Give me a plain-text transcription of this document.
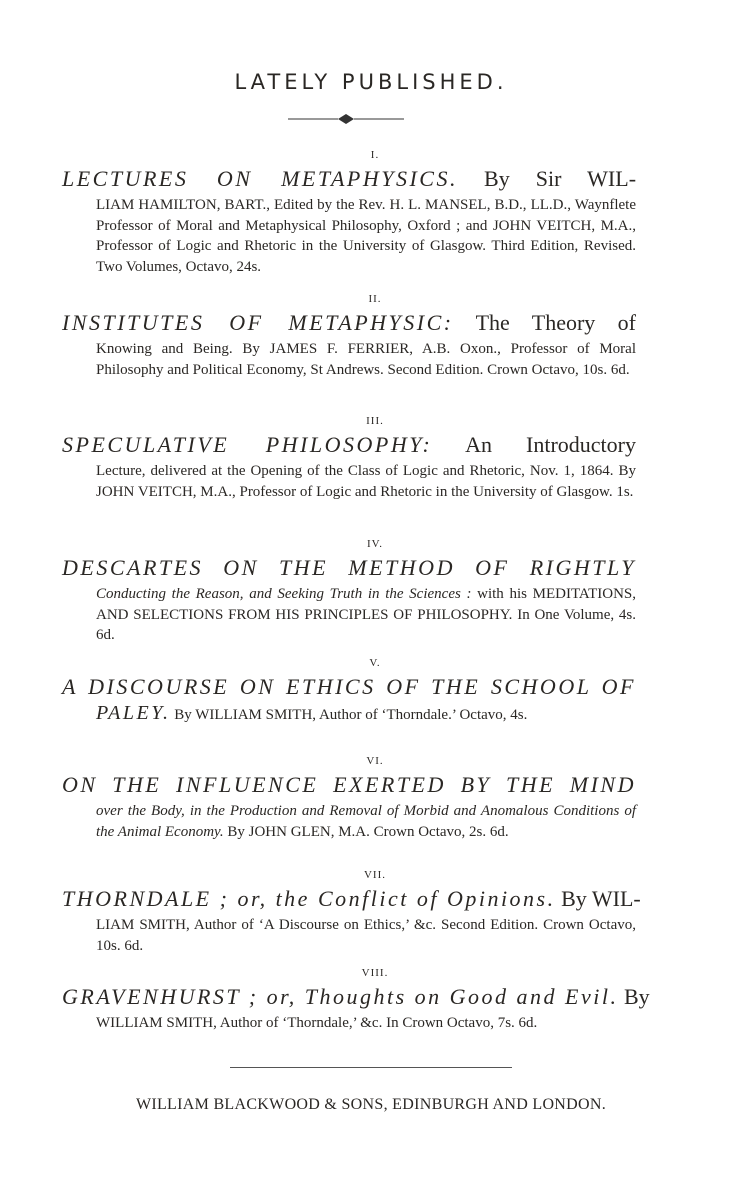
LATELY PUBLISHED.
I.
LECTURES ON METAPHYSICS. By Sir WIL-
LIAM HAMILTON, BART., Edited by the Rev. H. L. MANSEL, B.D., LL.D., Waynflete Professor of Moral and Metaphysical Philosophy, Oxford ; and JOHN VEITCH, M.A., Professor of Logic and Rhetoric in the University of Glasgow. Third Edition, Revised. Two Volumes, Octavo, 24s.
II.
INSTITUTES OF METAPHYSIC: The Theory of
Knowing and Being. By JAMES F. FERRIER, A.B. Oxon., Professor of Moral Philosophy and Political Economy, St Andrews. Second Edition. Crown Octavo, 10s. 6d.
III.
SPECULATIVE PHILOSOPHY: An Introductory
Lecture, delivered at the Opening of the Class of Logic and Rhetoric, Nov. 1, 1864. By JOHN VEITCH, M.A., Professor of Logic and Rhetoric in the University of Glasgow. 1s.
IV.
DESCARTES ON THE METHOD OF RIGHTLY
Conducting the Reason, and Seeking Truth in the Sciences : with his MEDITATIONS, AND SELECTIONS FROM HIS PRINCIPLES OF PHILOSOPHY. In One Volume, 4s. 6d.
V.
A DISCOURSE ON ETHICS OF THE SCHOOL OF
PALEY. By WILLIAM SMITH, Author of ‘Thorndale.’ Octavo, 4s.
VI.
ON THE INFLUENCE EXERTED BY THE MIND
over the Body, in the Production and Removal of Morbid and Anomalous Conditions of the Animal Economy. By JOHN GLEN, M.A. Crown Octavo, 2s. 6d.
VII.
THORNDALE ; or, the Conflict of Opinions. By WIL-
LIAM SMITH, Author of ‘A Discourse on Ethics,’ &c. Second Edition. Crown Octavo, 10s. 6d.
VIII.
GRAVENHURST ; or, Thoughts on Good and Evil. By
WILLIAM SMITH, Author of ‘Thorndale,’ &c. In Crown Octavo, 7s. 6d.
WILLIAM BLACKWOOD & SONS, EDINBURGH AND LONDON.
